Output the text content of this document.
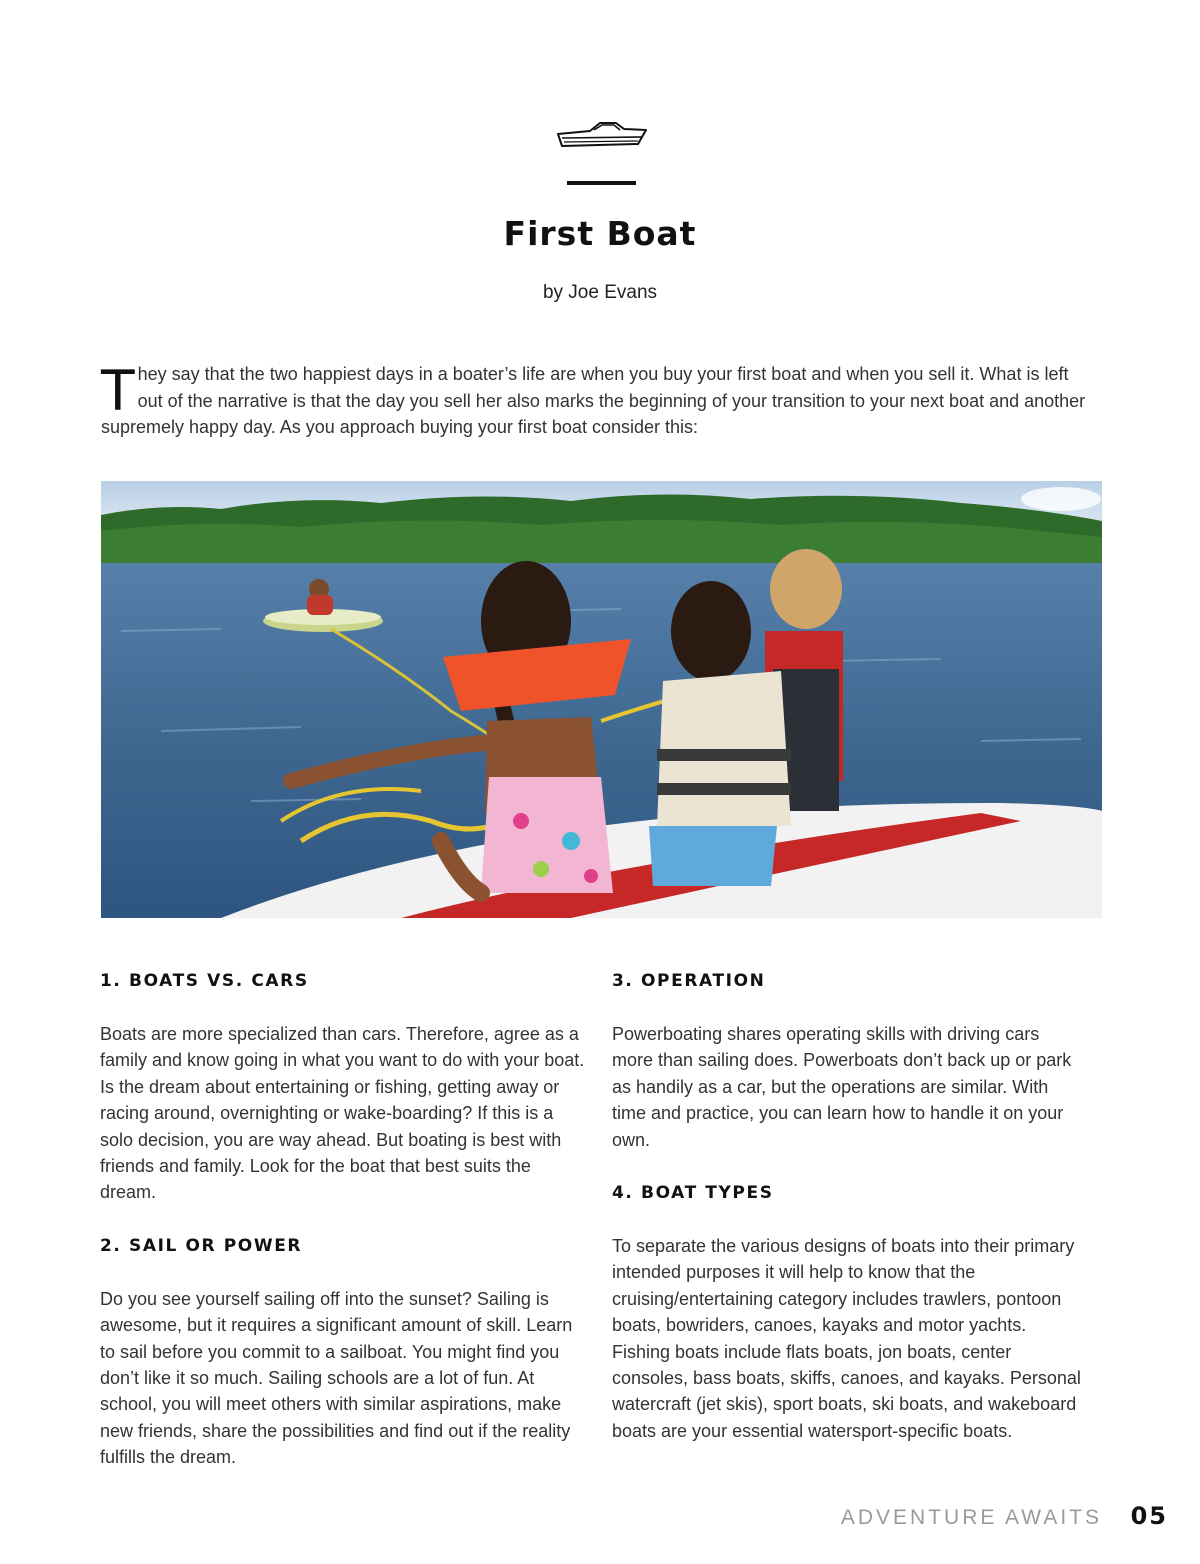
First Boat

by Joe Evans

They say that the two happiest days in a boater’s life are when you buy your first boat and when you sell it. What is left out of the narrative is that the day you sell her also marks the beginning of your transition to your next boat and another supremely happy day. As you approach buying your first boat consider this:

1. BOATS VS. CARS

Boats are more specialized than cars. Therefore, agree as a family and know going in what you want to do with your boat. Is the dream about entertaining or fishing, getting away or racing around, overnighting or wake-boarding? If this is a solo decision, you are way ahead. But boating is best with friends and family. Look for the boat that best suits the dream.

2. SAIL OR POWER

Do you see yourself sailing off into the sunset? Sailing is awesome, but it requires a significant amount of skill. Learn to sail before you commit to a sailboat. You might find you don’t like it so much. Sailing schools are a lot of fun. At school, you will meet others with similar aspirations, make new friends, share the possibilities and find out if the reality fulfills the dream.

3. OPERATION

Powerboating shares operating skills with driving cars more than sailing does. Powerboats don’t back up or park as handily as a car, but the operations are similar. With time and practice, you can learn how to handle it on your own.

4. BOAT TYPES

To separate the various designs of boats into their primary intended purposes it will help to know that the cruising/entertaining category includes trawlers, pontoon boats, bowriders, canoes, kayaks and motor yachts. Fishing boats include flats boats, jon boats, center consoles, bass boats, skiffs, canoes, and kayaks. Personal watercraft (jet skis), sport boats, ski boats, and wakeboard boats are your essential watersport-specific boats.

ADVENTURE AWAITS 05
